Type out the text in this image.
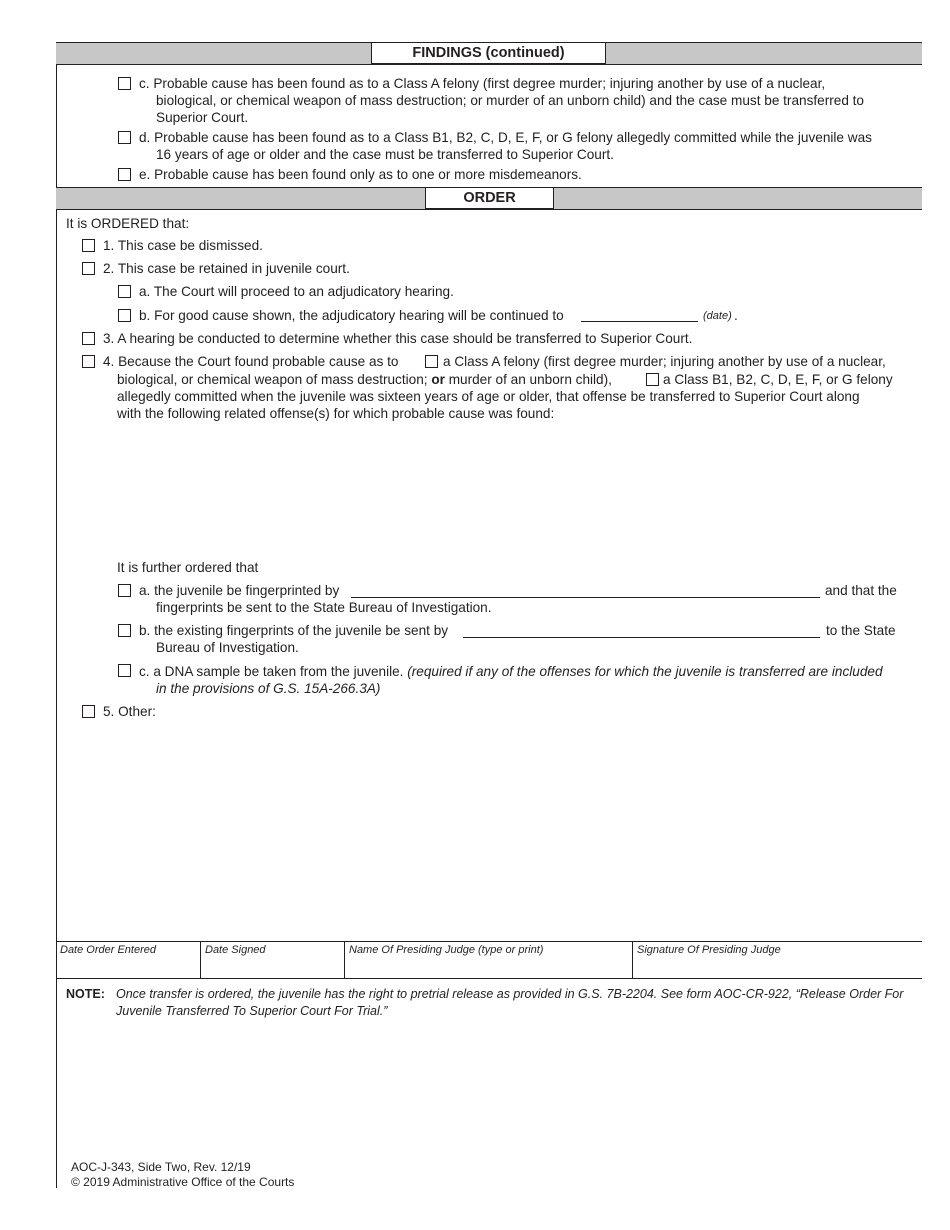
FINDINGS (continued)
c. Probable cause has been found as to a Class A felony (first degree murder; injuring another by use of a nuclear,
biological, or chemical weapon of mass destruction; or murder of an unborn child) and the case must be transferred to
Superior Court.
d. Probable cause has been found as to a Class B1, B2, C, D, E, F, or G felony allegedly committed while the juvenile was
16 years of age or older and the case must be transferred to Superior Court.
e. Probable cause has been found only as to one or more misdemeanors.
ORDER
It is ORDERED that:
1. This case be dismissed.
2. This case be retained in juvenile court.
a. The Court will proceed to an adjudicatory hearing.
b. For good cause shown, the adjudicatory hearing will be continued to	(date) .
3. A hearing be conducted to determine whether this case should be transferred to Superior Court.
4. Because the Court found probable cause as to	a Class A felony (first degree murder; injuring another by use of a nuclear,
biological, or chemical weapon of mass destruction; or murder of an unborn child),	a Class B1, B2, C, D, E, F, or G felony
allegedly committed when the juvenile was sixteen years of age or older, that offense be transferred to Superior Court along
with the following related offense(s) for which probable cause was found:
It is further ordered that
a. the juvenile be fingerprinted by	and that the
fingerprints be sent to the State Bureau of Investigation.
b. the existing fingerprints of the juvenile be sent by	to the State
Bureau of Investigation.
c. a DNA sample be taken from the juvenile. (required if any of the offenses for which the juvenile is transferred are included
in the provisions of G.S. 15A-266.3A)
5. Other:
Date Order Entered	Date Signed	Name Of Presiding Judge (type or print)	Signature Of Presiding Judge
NOTE: Once transfer is ordered, the juvenile has the right to pretrial release as provided in G.S. 7B-2204. See form AOC-CR-922, “Release Order For
Juvenile Transferred To Superior Court For Trial.”
AOC-J-343, Side Two, Rev. 12/19
© 2019 Administrative Office of the Courts
